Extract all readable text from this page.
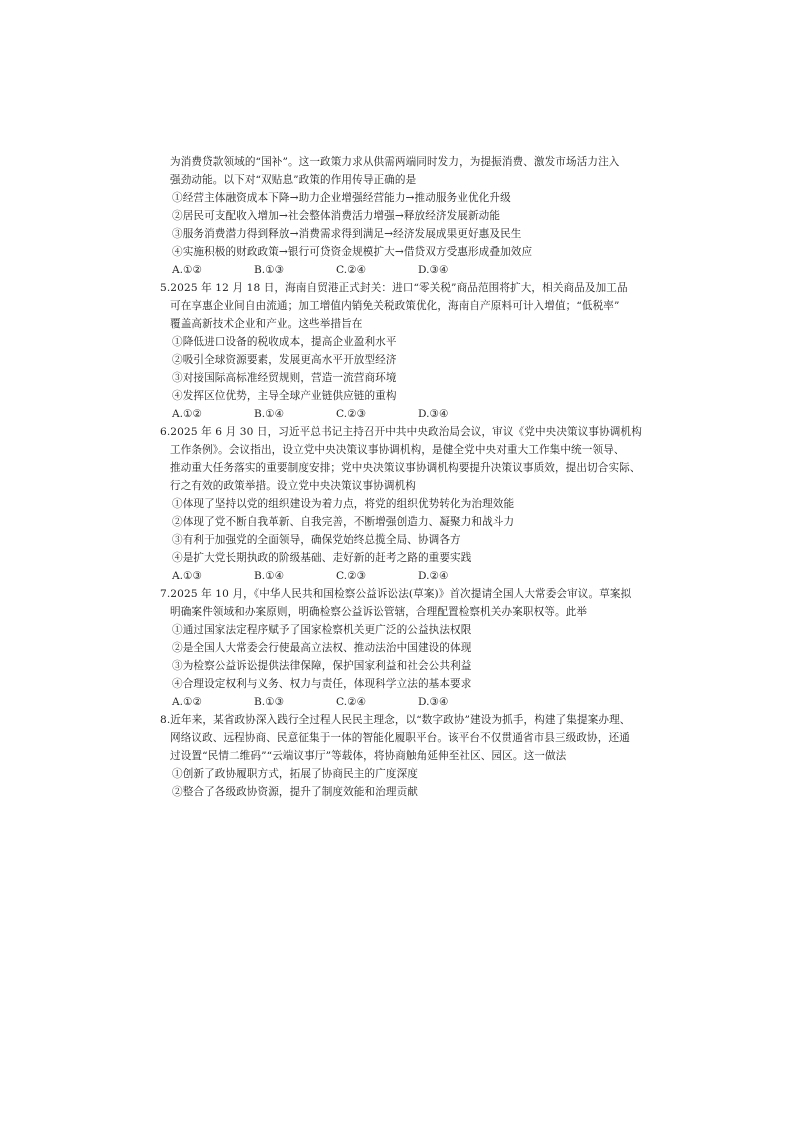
为消费贷款领域的“国补”。这一政策力求从供需两端同时发力，为提振消费、激发市场活力注入
强劲动能。以下对“双贴息”政策的作用传导正确的是
①经营主体融资成本下降→助力企业增强经营能力→推动服务业优化升级
②居民可支配收入增加→社会整体消费活力增强→释放经济发展新动能
③服务消费潜力得到释放→消费需求得到满足→经济发展成果更好惠及民生
④实施积极的财政政策→银行可贷资金规模扩大→借贷双方受惠形成叠加效应
A.①②	B.①③	C.②④	D.③④
5.2025 年 12 月 18 日，海南自贸港正式封关：进口“零关税”商品范围将扩大，相关商品及加工品
可在享惠企业间自由流通；加工增值内销免关税政策优化，海南自产原料可计入增值；“低税率”
覆盖高新技术企业和产业。这些举措旨在
①降低进口设备的税收成本，提高企业盈利水平
②吸引全球资源要素，发展更高水平开放型经济
③对接国际高标准经贸规则，营造一流营商环境
④发挥区位优势，主导全球产业链供应链的重构
A.①②	B.①④	C.②③	D.③④
6.2025 年 6 月 30 日，习近平总书记主持召开中共中央政治局会议，审议《党中央决策议事协调机构
工作条例》。会议指出，设立党中央决策议事协调机构，是健全党中央对重大工作集中统一领导、
推动重大任务落实的重要制度安排；党中央决策议事协调机构要提升决策议事质效，提出切合实际、
行之有效的政策举措。设立党中央决策议事协调机构
①体现了坚持以党的组织建设为着力点，将党的组织优势转化为治理效能
②体现了党不断自我革新、自我完善，不断增强创造力、凝聚力和战斗力
③有利于加强党的全面领导，确保党始终总揽全局、协调各方
④是扩大党长期执政的阶级基础、走好新的赶考之路的重要实践
A.①③	B.①④	C.②③	D.②④
7.2025 年 10 月，《中华人民共和国检察公益诉讼法(草案)》首次提请全国人大常委会审议。草案拟
明确案件领域和办案原则，明确检察公益诉讼管辖，合理配置检察机关办案职权等。此举
①通过国家法定程序赋予了国家检察机关更广泛的公益执法权限
②是全国人大常委会行使最高立法权、推动法治中国建设的体现
③为检察公益诉讼提供法律保障，保护国家利益和社会公共利益
④合理设定权利与义务、权力与责任，体现科学立法的基本要求
A.①②	B.①③	C.②④	D.③④
8.近年来，某省政协深入践行全过程人民民主理念，以“数字政协”建设为抓手，构建了集提案办理、
网络议政、远程协商、民意征集于一体的智能化履职平台。该平台不仅贯通省市县三级政协，还通
过设置“民情二维码”“云端议事厅”等载体，将协商触角延伸至社区、园区。这一做法
①创新了政协履职方式，拓展了协商民主的广度深度
②整合了各级政协资源，提升了制度效能和治理贡献
